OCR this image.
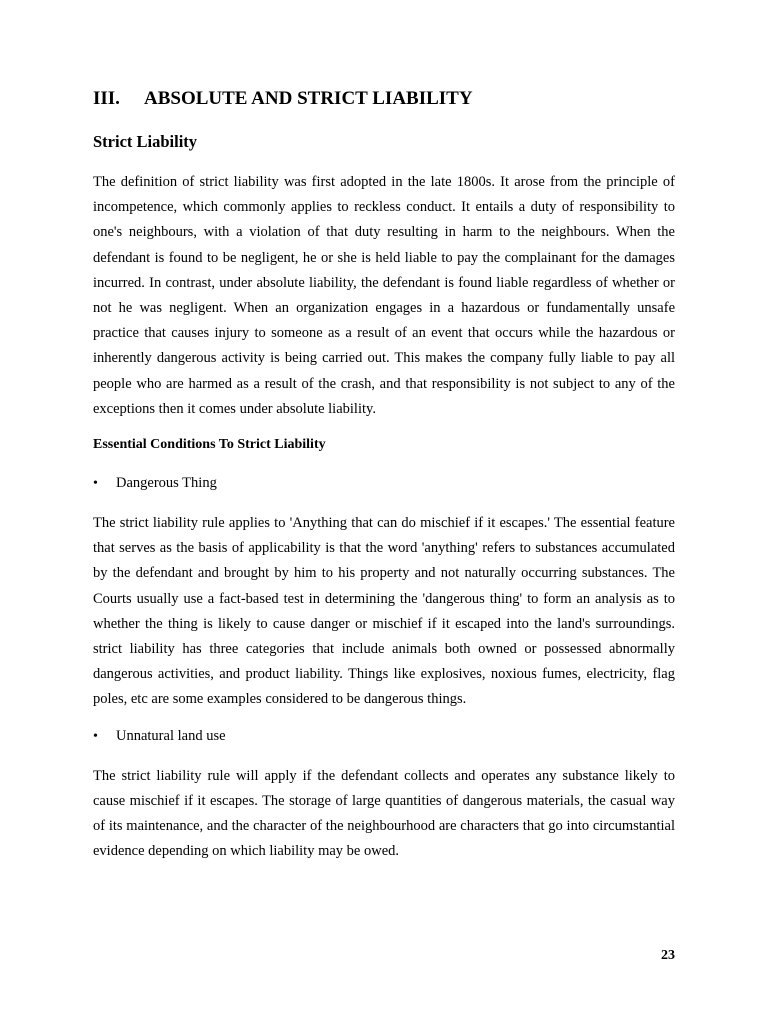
III.	ABSOLUTE AND STRICT LIABILITY
Strict Liability

The definition of strict liability was first adopted in the late 1800s. It arose from the principle of incompetence, which commonly applies to reckless conduct. It entails a duty of responsibility to one's neighbours, with a violation of that duty resulting in harm to the neighbours. When the defendant is found to be negligent, he or she is held liable to pay the complainant for the damages incurred. In contrast, under absolute liability, the defendant is found liable regardless of whether or not he was negligent. When an organization engages in a hazardous or fundamentally unsafe practice that causes injury to someone as a result of an event that occurs while the hazardous or inherently dangerous activity is being carried out. This makes the company fully liable to pay all people who are harmed as a result of the crash, and that responsibility is not subject to any of the exceptions then it comes under absolute liability.

Essential Conditions To Strict Liability
•	Dangerous Thing

The strict liability rule applies to 'Anything that can do mischief if it escapes.' The essential feature that serves as the basis of applicability is that the word 'anything' refers to substances accumulated by the defendant and brought by him to his property and not naturally occurring substances. The Courts usually use a fact-based test in determining the 'dangerous thing' to form an analysis as to whether the thing is likely to cause danger or mischief if it escaped into the land's surroundings. strict liability has three categories that include animals both owned or possessed abnormally dangerous activities, and product liability. Things like explosives, noxious fumes, electricity, flag poles, etc are some examples considered to be dangerous things.

•	Unnatural land use

The strict liability rule will apply if the defendant collects and operates any substance likely to cause mischief if it escapes. The storage of large quantities of dangerous materials, the casual way of its maintenance, and the character of the neighbourhood are characters that go into circumstantial evidence depending on which liability may be owed.

23
